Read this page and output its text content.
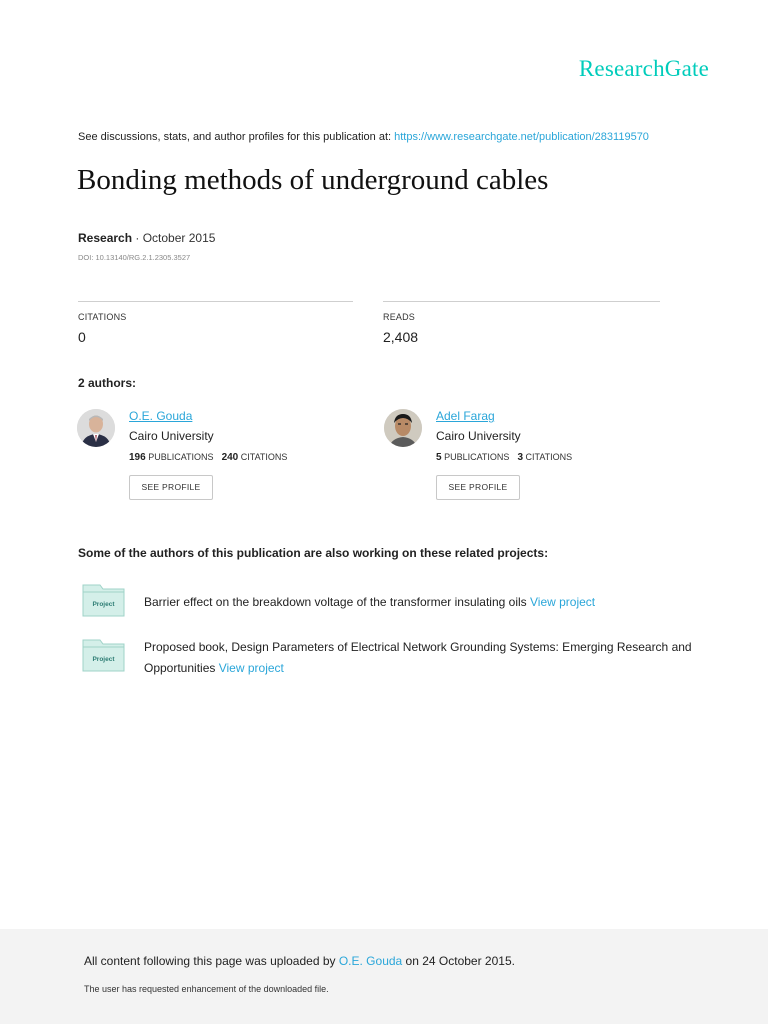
ResearchGate
See discussions, stats, and author profiles for this publication at: https://www.researchgate.net/publication/283119570
Bonding methods of underground cables
Research · October 2015
DOI: 10.13140/RG.2.1.2305.3527
CITATIONS
0
READS
2,408
2 authors:
O.E. Gouda
Cairo University
196 PUBLICATIONS 240 CITATIONS
SEE PROFILE
Adel Farag
Cairo University
5 PUBLICATIONS 3 CITATIONS
SEE PROFILE
Some of the authors of this publication are also working on these related projects:
Project Barrier effect on the breakdown voltage of the transformer insulating oils View project
Project
Proposed book, Design Parameters of Electrical Network Grounding Systems: Emerging Research and Opportunities View project
All content following this page was uploaded by O.E. Gouda on 24 October 2015.
The user has requested enhancement of the downloaded file.
